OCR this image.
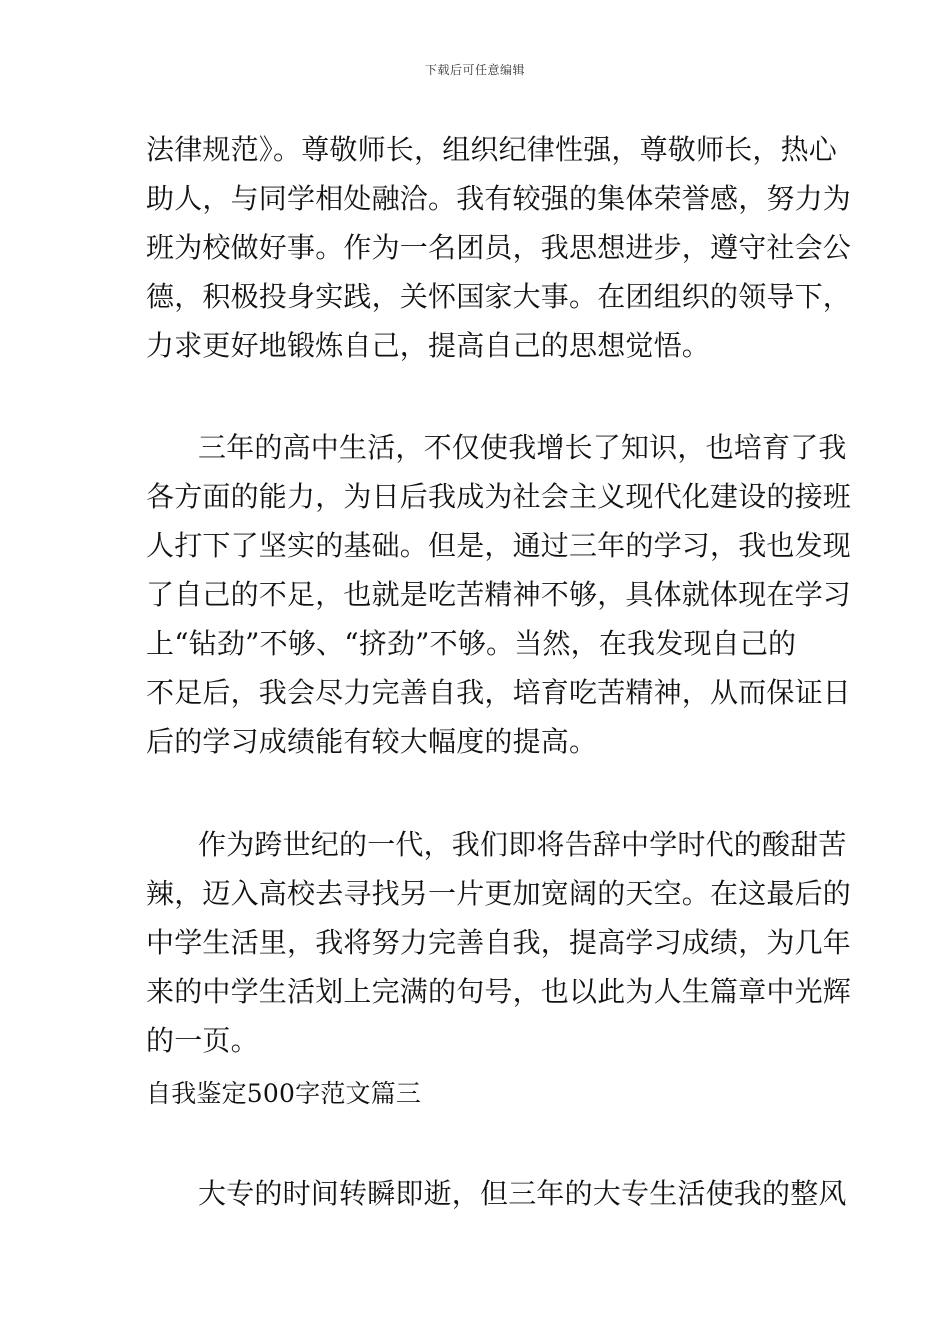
下载后可任意编辑
法律规范》。尊敬师长，组织纪律性强，尊敬师长，热心
助人，与同学相处融洽。我有较强的集体荣誉感，努力为
班为校做好事。作为一名团员，我思想进步，遵守社会公
德，积极投身实践，关怀国家大事。在团组织的领导下，
力求更好地锻炼自己，提高自己的思想觉悟。
三年的高中生活，不仅使我增长了知识，也培育了我
各方面的能力，为日后我成为社会主义现代化建设的接班
人打下了坚实的基础。但是，通过三年的学习，我也发现
了自己的不足，也就是吃苦精神不够，具体就体现在学习
上“钻劲”不够、“挤劲”不够。当然，在我发现自己的
不足后，我会尽力完善自我，培育吃苦精神，从而保证日
后的学习成绩能有较大幅度的提高。
作为跨世纪的一代，我们即将告辞中学时代的酸甜苦
辣，迈入高校去寻找另一片更加宽阔的天空。在这最后的
中学生活里，我将努力完善自我，提高学习成绩，为几年
来的中学生活划上完满的句号，也以此为人生篇章中光辉
的一页。
自我鉴定500字范文篇三
大专的时间转瞬即逝，但三年的大专生活使我的整风
